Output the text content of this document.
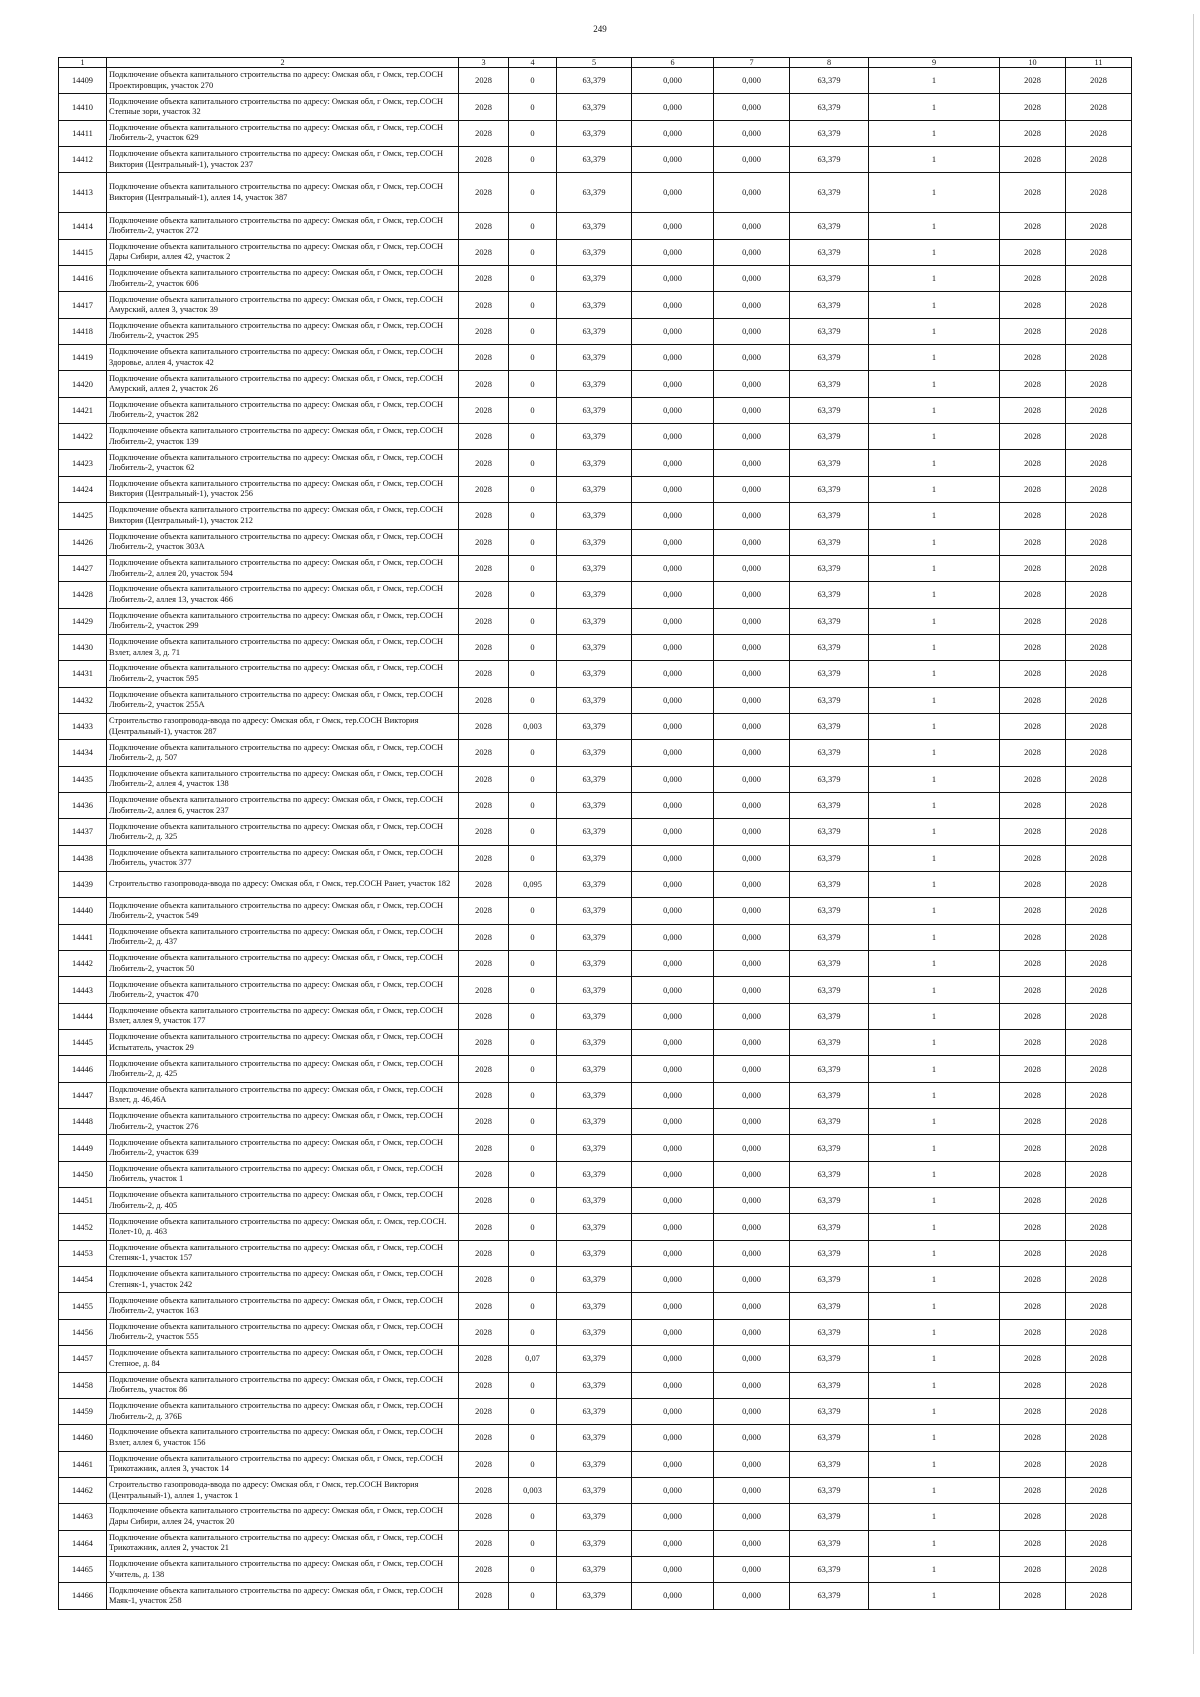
249
1	2	3	4	5	6	7	8	9	10	11
14409	Подключение объекта капитального строительства по адресу: Омская обл, г Омск, тер.СОСН Проектировщик, участок 270	2028	0	63,379	0,000	0,000	63,379	1	2028	2028
14410	Подключение объекта капитального строительства по адресу: Омская обл, г Омск, тер.СОСН Степные зори, участок 32	2028	0	63,379	0,000	0,000	63,379	1	2028	2028
14411	Подключение объекта капитального строительства по адресу: Омская обл, г Омск, тер.СОСН Любитель-2, участок 629	2028	0	63,379	0,000	0,000	63,379	1	2028	2028
14412	Подключение объекта капитального строительства по адресу: Омская обл, г Омск, тер.СОСН Виктория (Центральный-1), участок 237	2028	0	63,379	0,000	0,000	63,379	1	2028	2028
14413	Подключение объекта капитального строительства по адресу: Омская обл, г Омск, тер.СОСН Виктория (Центральный-1), аллея 14, участок 387	2028	0	63,379	0,000	0,000	63,379	1	2028	2028
14414	Подключение объекта капитального строительства по адресу: Омская обл, г Омск, тер.СОСН Любитель-2, участок 272	2028	0	63,379	0,000	0,000	63,379	1	2028	2028
14415	Подключение объекта капитального строительства по адресу: Омская обл, г Омск, тер.СОСН Дары Сибири, аллея 42, участок 2	2028	0	63,379	0,000	0,000	63,379	1	2028	2028
14416	Подключение объекта капитального строительства по адресу: Омская обл, г Омск, тер.СОСН Любитель-2, участок 606	2028	0	63,379	0,000	0,000	63,379	1	2028	2028
14417	Подключение объекта капитального строительства по адресу: Омская обл, г Омск, тер.СОСН Амурский, аллея 3, участок 39	2028	0	63,379	0,000	0,000	63,379	1	2028	2028
14418	Подключение объекта капитального строительства по адресу: Омская обл, г Омск, тер.СОСН Любитель-2, участок 295	2028	0	63,379	0,000	0,000	63,379	1	2028	2028
14419	Подключение объекта капитального строительства по адресу: Омская обл, г Омск, тер.СОСН Здоровье, аллея 4, участок 42	2028	0	63,379	0,000	0,000	63,379	1	2028	2028
14420	Подключение объекта капитального строительства по адресу: Омская обл, г Омск, тер.СОСН Амурский, аллея 2, участок 26	2028	0	63,379	0,000	0,000	63,379	1	2028	2028
14421	Подключение объекта капитального строительства по адресу: Омская обл, г Омск, тер.СОСН Любитель-2, участок 282	2028	0	63,379	0,000	0,000	63,379	1	2028	2028
14422	Подключение объекта капитального строительства по адресу: Омская обл, г Омск, тер.СОСН Любитель-2, участок 139	2028	0	63,379	0,000	0,000	63,379	1	2028	2028
14423	Подключение объекта капитального строительства по адресу: Омская обл, г Омск, тер.СОСН Любитель-2, участок 62	2028	0	63,379	0,000	0,000	63,379	1	2028	2028
14424	Подключение объекта капитального строительства по адресу: Омская обл, г Омск, тер.СОСН Виктория (Центральный-1), участок 256	2028	0	63,379	0,000	0,000	63,379	1	2028	2028
14425	Подключение объекта капитального строительства по адресу: Омская обл, г Омск, тер.СОСН Виктория (Центральный-1), участок 212	2028	0	63,379	0,000	0,000	63,379	1	2028	2028
14426	Подключение объекта капитального строительства по адресу: Омская обл, г Омск, тер.СОСН Любитель-2, участок 303А	2028	0	63,379	0,000	0,000	63,379	1	2028	2028
14427	Подключение объекта капитального строительства по адресу: Омская обл, г Омск, тер.СОСН Любитель-2, аллея 20, участок 594	2028	0	63,379	0,000	0,000	63,379	1	2028	2028
14428	Подключение объекта капитального строительства по адресу: Омская обл, г Омск, тер.СОСН Любитель-2, аллея 13, участок 466	2028	0	63,379	0,000	0,000	63,379	1	2028	2028
14429	Подключение объекта капитального строительства по адресу: Омская обл, г Омск, тер.СОСН Любитель-2, участок 299	2028	0	63,379	0,000	0,000	63,379	1	2028	2028
14430	Подключение объекта капитального строительства по адресу: Омская обл, г Омск, тер.СОСН Взлет, аллея 3, д. 71	2028	0	63,379	0,000	0,000	63,379	1	2028	2028
14431	Подключение объекта капитального строительства по адресу: Омская обл, г Омск, тер.СОСН Любитель-2, участок 595	2028	0	63,379	0,000	0,000	63,379	1	2028	2028
14432	Подключение объекта капитального строительства по адресу: Омская обл, г Омск, тер.СОСН Любитель-2, участок 255А	2028	0	63,379	0,000	0,000	63,379	1	2028	2028
14433	Строительство газопровода-ввода по адресу: Омская обл, г Омск, тер.СОСН Виктория (Центральный-1), участок 287	2028	0,003	63,379	0,000	0,000	63,379	1	2028	2028
14434	Подключение объекта капитального строительства по адресу: Омская обл, г Омск, тер.СОСН Любитель-2, д. 507	2028	0	63,379	0,000	0,000	63,379	1	2028	2028
14435	Подключение объекта капитального строительства по адресу: Омская обл, г Омск, тер.СОСН Любитель-2, аллея 4, участок 138	2028	0	63,379	0,000	0,000	63,379	1	2028	2028
14436	Подключение объекта капитального строительства по адресу: Омская обл, г Омск, тер.СОСН Любитель-2, аллея 6, участок 237	2028	0	63,379	0,000	0,000	63,379	1	2028	2028
14437	Подключение объекта капитального строительства по адресу: Омская обл, г Омск, тер.СОСН Любитель-2, д. 325	2028	0	63,379	0,000	0,000	63,379	1	2028	2028
14438	Подключение объекта капитального строительства по адресу: Омская обл, г Омск, тер.СОСН Любитель, участок 377	2028	0	63,379	0,000	0,000	63,379	1	2028	2028
14439	Строительство газопровода-ввода по адресу: Омская обл, г Омск, тер.СОСН Ранет, участок 182	2028	0,095	63,379	0,000	0,000	63,379	1	2028	2028
14440	Подключение объекта капитального строительства по адресу: Омская обл, г Омск, тер.СОСН Любитель-2, участок 549	2028	0	63,379	0,000	0,000	63,379	1	2028	2028
14441	Подключение объекта капитального строительства по адресу: Омская обл, г Омск, тер.СОСН Любитель-2, д. 437	2028	0	63,379	0,000	0,000	63,379	1	2028	2028
14442	Подключение объекта капитального строительства по адресу: Омская обл, г Омск, тер.СОСН Любитель-2, участок 50	2028	0	63,379	0,000	0,000	63,379	1	2028	2028
14443	Подключение объекта капитального строительства по адресу: Омская обл, г Омск, тер.СОСН Любитель-2, участок 470	2028	0	63,379	0,000	0,000	63,379	1	2028	2028
14444	Подключение объекта капитального строительства по адресу: Омская обл, г Омск, тер.СОСН Взлет, аллея 9, участок 177	2028	0	63,379	0,000	0,000	63,379	1	2028	2028
14445	Подключение объекта капитального строительства по адресу: Омская обл, г Омск, тер.СОСН Испытатель, участок 29	2028	0	63,379	0,000	0,000	63,379	1	2028	2028
14446	Подключение объекта капитального строительства по адресу: Омская обл, г Омск, тер.СОСН Любитель-2, д. 425	2028	0	63,379	0,000	0,000	63,379	1	2028	2028
14447	Подключение объекта капитального строительства по адресу: Омская обл, г Омск, тер.СОСН Взлет, д. 46,46А	2028	0	63,379	0,000	0,000	63,379	1	2028	2028
14448	Подключение объекта капитального строительства по адресу: Омская обл, г Омск, тер.СОСН Любитель-2, участок 276	2028	0	63,379	0,000	0,000	63,379	1	2028	2028
14449	Подключение объекта капитального строительства по адресу: Омская обл, г Омск, тер.СОСН Любитель-2, участок 639	2028	0	63,379	0,000	0,000	63,379	1	2028	2028
14450	Подключение объекта капитального строительства по адресу: Омская обл, г Омск, тер.СОСН Любитель, участок 1	2028	0	63,379	0,000	0,000	63,379	1	2028	2028
14451	Подключение объекта капитального строительства по адресу: Омская обл, г Омск, тер.СОСН Любитель-2, д. 405	2028	0	63,379	0,000	0,000	63,379	1	2028	2028
14452	Подключение объекта капитального строительства по адресу: Омская обл, г. Омск, тер.СОСН. Полет-10, д. 463	2028	0	63,379	0,000	0,000	63,379	1	2028	2028
14453	Подключение объекта капитального строительства по адресу: Омская обл, г Омск, тер.СОСН Степняк-1, участок 157	2028	0	63,379	0,000	0,000	63,379	1	2028	2028
14454	Подключение объекта капитального строительства по адресу: Омская обл, г Омск, тер.СОСН Степняк-1, участок 242	2028	0	63,379	0,000	0,000	63,379	1	2028	2028
14455	Подключение объекта капитального строительства по адресу: Омская обл, г Омск, тер.СОСН Любитель-2, участок 163	2028	0	63,379	0,000	0,000	63,379	1	2028	2028
14456	Подключение объекта капитального строительства по адресу: Омская обл, г Омск, тер.СОСН Любитель-2, участок 555	2028	0	63,379	0,000	0,000	63,379	1	2028	2028
14457	Подключение объекта капитального строительства по адресу: Омская обл, г Омск, тер.СОСН Степное, д. 84	2028	0,07	63,379	0,000	0,000	63,379	1	2028	2028
14458	Подключение объекта капитального строительства по адресу: Омская обл, г Омск, тер.СОСН Любитель, участок 86	2028	0	63,379	0,000	0,000	63,379	1	2028	2028
14459	Подключение объекта капитального строительства по адресу: Омская обл, г Омск, тер.СОСН Любитель-2, д. 376Б	2028	0	63,379	0,000	0,000	63,379	1	2028	2028
14460	Подключение объекта капитального строительства по адресу: Омская обл, г Омск, тер.СОСН Взлет, аллея 6, участок 156	2028	0	63,379	0,000	0,000	63,379	1	2028	2028
14461	Подключение объекта капитального строительства по адресу: Омская обл, г Омск, тер.СОСН Трикотажник, аллея 3, участок 14	2028	0	63,379	0,000	0,000	63,379	1	2028	2028
14462	Строительство газопровода-ввода по адресу: Омская обл, г Омск, тер.СОСН Виктория (Центральный-1), аллея 1, участок 1	2028	0,003	63,379	0,000	0,000	63,379	1	2028	2028
14463	Подключение объекта капитального строительства по адресу: Омская обл, г Омск, тер.СОСН Дары Сибири, аллея 24, участок 20	2028	0	63,379	0,000	0,000	63,379	1	2028	2028
14464	Подключение объекта капитального строительства по адресу: Омская обл, г Омск, тер.СОСН Трикотажник, аллея 2, участок 21	2028	0	63,379	0,000	0,000	63,379	1	2028	2028
14465	Подключение объекта капитального строительства по адресу: Омская обл, г Омск, тер.СОСН Учитель, д. 138	2028	0	63,379	0,000	0,000	63,379	1	2028	2028
14466	Подключение объекта капитального строительства по адресу: Омская обл, г Омск, тер.СОСН Маяк-1, участок 258	2028	0	63,379	0,000	0,000	63,379	1	2028	2028
